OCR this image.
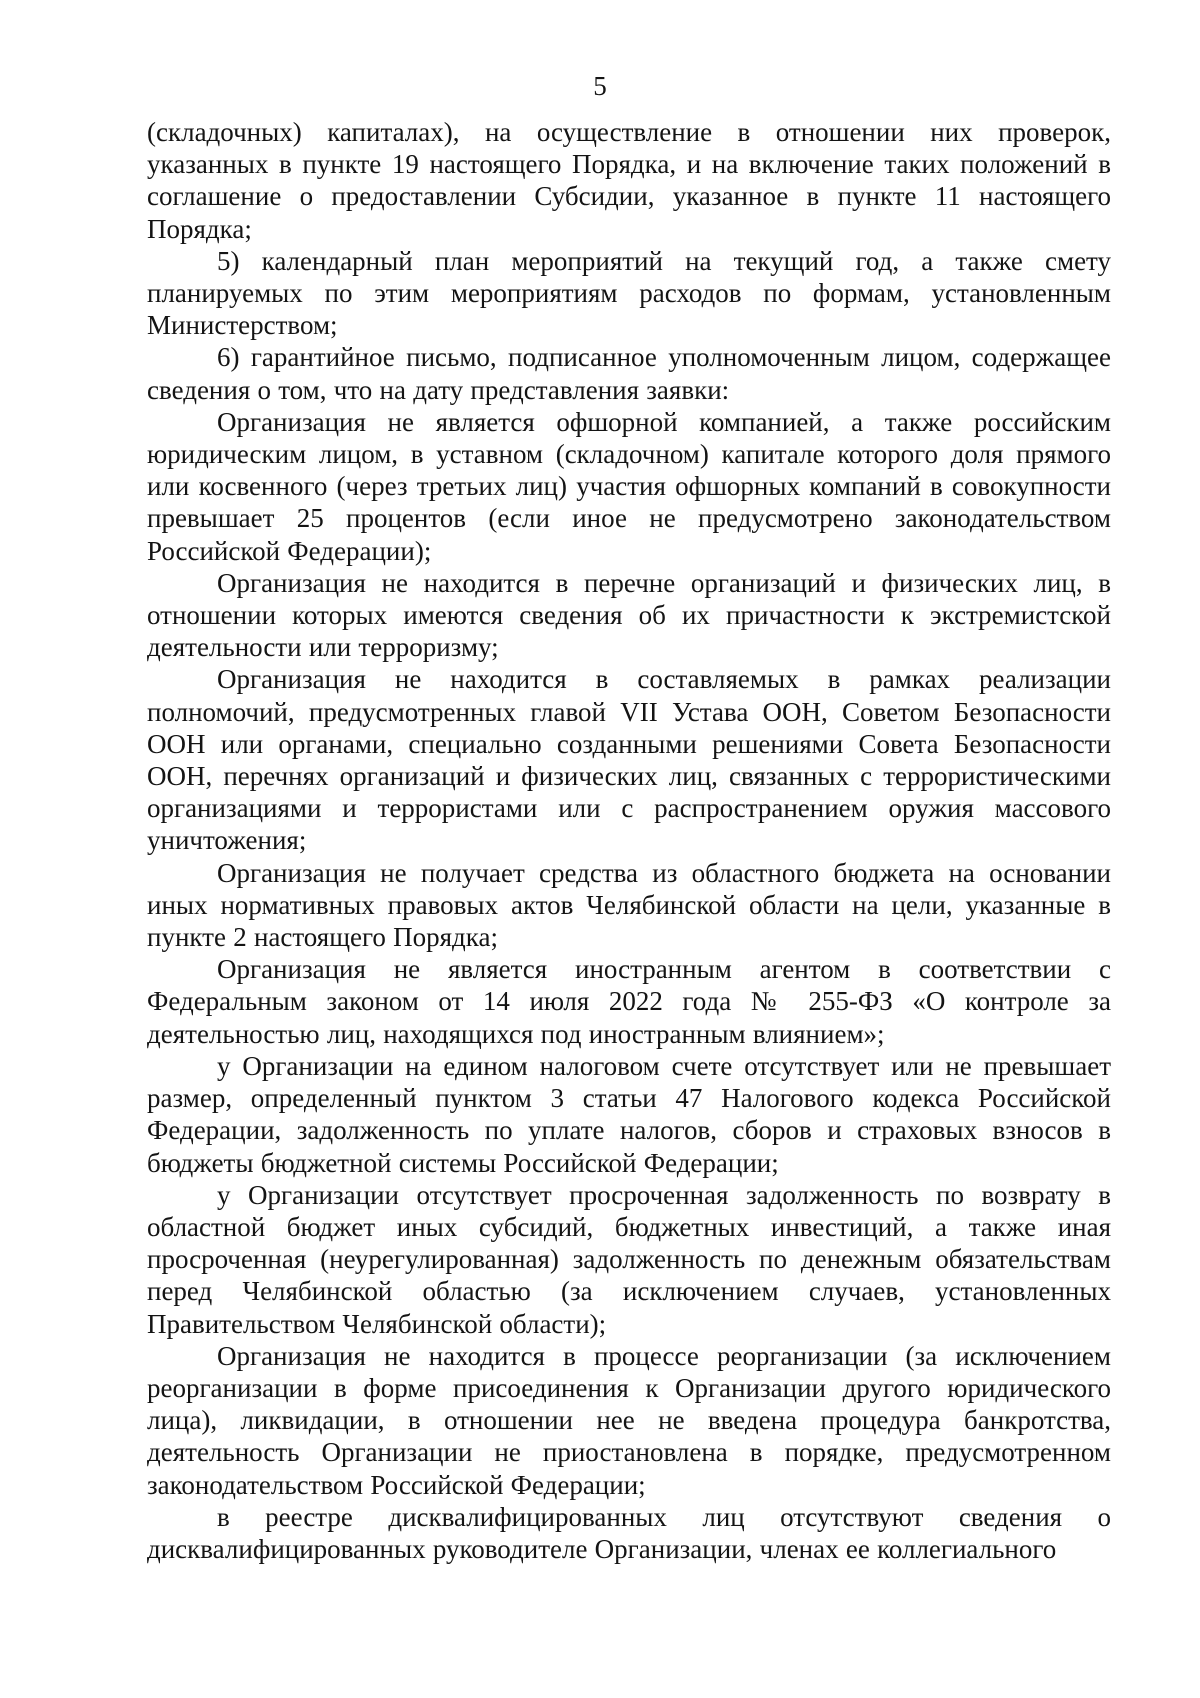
5

(складочных) капиталах), на осуществление в отношении них проверок, указанных в пункте 19 настоящего Порядка, и на включение таких положений в соглашение о предоставлении Субсидии, указанное в пункте 11 настоящего Порядка;

5) календарный план мероприятий на текущий год, а также смету планируемых по этим мероприятиям расходов по формам, установленным Министерством;

6) гарантийное письмо, подписанное уполномоченным лицом, содержащее сведения о том, что на дату представления заявки:

Организация не является офшорной компанией, а также российским юридическим лицом, в уставном (складочном) капитале которого доля прямого или косвенного (через третьих лиц) участия офшорных компаний в совокупности превышает 25 процентов (если иное не предусмотрено законодательством Российской Федерации);

Организация не находится в перечне организаций и физических лиц, в отношении которых имеются сведения об их причастности к экстремистской деятельности или терроризму;

Организация не находится в составляемых в рамках реализации полномочий, предусмотренных главой VII Устава ООН, Советом Безопасности ООН или органами, специально созданными решениями Совета Безопасности ООН, перечнях организаций и физических лиц, связанных с террористическими организациями и террористами или с распространением оружия массового уничтожения;

Организация не получает средства из областного бюджета на основании иных нормативных правовых актов Челябинской области на цели, указанные в пункте 2 настоящего Порядка;

Организация не является иностранным агентом в соответствии с Федеральным законом от 14 июля 2022 года № 255-ФЗ «О контроле за деятельностью лиц, находящихся под иностранным влиянием»;

у Организации на едином налоговом счете отсутствует или не превышает размер, определенный пунктом 3 статьи 47 Налогового кодекса Российской Федерации, задолженность по уплате налогов, сборов и страховых взносов в бюджеты бюджетной системы Российской Федерации;

у Организации отсутствует просроченная задолженность по возврату в областной бюджет иных субсидий, бюджетных инвестиций, а также иная просроченная (неурегулированная) задолженность по денежным обязательствам перед Челябинской областью (за исключением случаев, установленных Правительством Челябинской области);

Организация не находится в процессе реорганизации (за исключением реорганизации в форме присоединения к Организации другого юридического лица), ликвидации, в отношении нее не введена процедура банкротства, деятельность Организации не приостановлена в порядке, предусмотренном законодательством Российской Федерации;

в реестре дисквалифицированных лиц отсутствуют сведения о дисквалифицированных руководителе Организации, членах ее коллегиального
